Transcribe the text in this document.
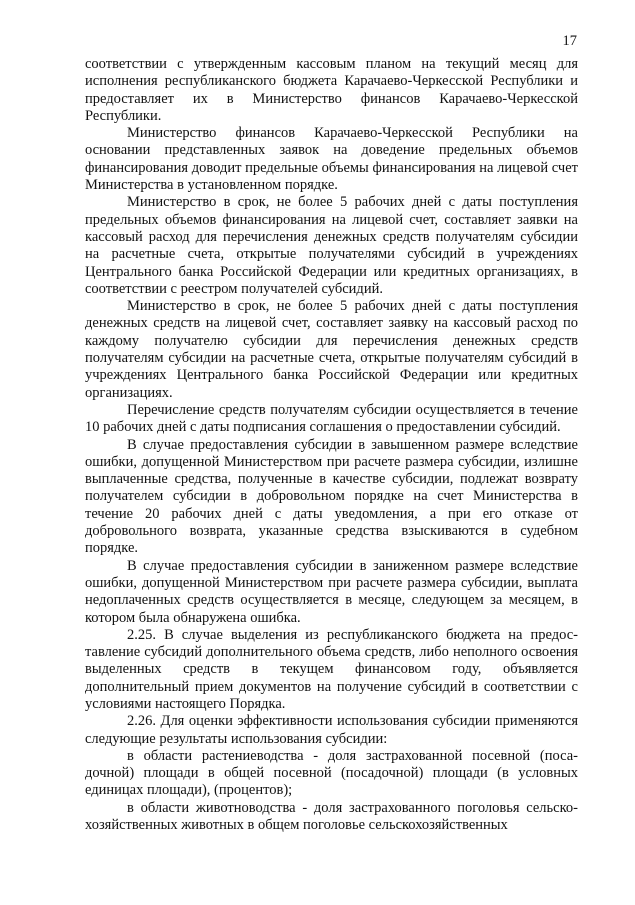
17

соответствии с утвержденным кассовым планом на текущий месяц для исполнения республиканского бюджета Карачаево-Черкесской Республики и предоставляет их в Министерство финансов Карачаево-Черкесской Республики.

Министерство финансов Карачаево-Черкесской Республики на основании представленных заявок на доведение предельных объемов финансирования доводит предельные объемы финансирования на лицевой счет Министерства в установленном порядке.

Министерство в срок, не более 5 рабочих дней с даты поступления предельных объемов финансирования на лицевой счет, составляет заявки на кассовый расход для перечисления денежных средств получателям субсидии на расчетные счета, открытые получателями субсидий в учреждениях Центрального банка Российской Федерации или кредитных организациях, в соответствии с реестром получателей субсидий.

Министерство в срок, не более 5 рабочих дней с даты поступления денежных средств на лицевой счет, составляет заявку на кассовый расход по каждому получателю субсидии для перечисления денежных средств получателям субсидии на расчетные счета, открытые получателям субсидий в учреждениях Центрального банка Российской Федерации или кредитных организациях.

Перечисление средств получателям субсидии осуществляется в течение 10 рабочих дней с даты подписания соглашения о предоставлении субсидий.

В случае предоставления субсидии в завышенном размере вследствие ошибки, допущенной Министерством при расчете размера субсидии, излишне выплаченные средства, полученные в качестве субсидии, подлежат возврату получателем субсидии в добровольном порядке на счет Министерства в течение 20 рабочих дней с даты уведомления, а при его отказе от добровольного возврата, указанные средства взыскиваются в судебном порядке.

В случае предоставления субсидии в заниженном размере вследствие ошибки, допущенной Министерством при расчете размера субсидии, выплата недоплаченных средств осуществляется в месяце, следующем за месяцем, в котором была обнаружена ошибка.

2.25. В случае выделения из республиканского бюджета на предоставление субсидий дополнительного объема средств, либо неполного освоения выделенных средств в текущем финансовом году, объявляется дополнительный прием документов на получение субсидий в соответствии с условиями настоящего Порядка.

2.26. Для оценки эффективности использования субсидии применяются следующие результаты использования субсидии:

в области растениеводства - доля застрахованной посевной (посадочной) площади в общей посевной (посадочной) площади (в условных единицах площади), (процентов);

в области животноводства - доля застрахованного поголовья сельскохозяйственных животных в общем поголовье сельскохозяйственных
